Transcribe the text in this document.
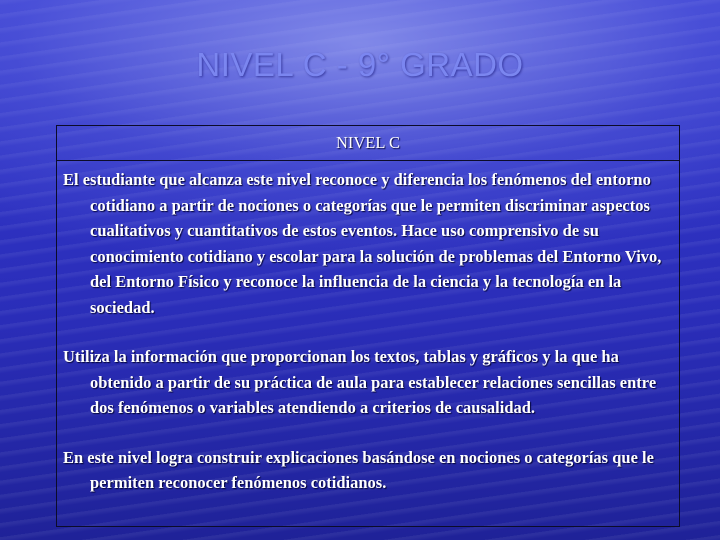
NIVEL C - 9° GRADO
NIVEL C

El estudiante que alcanza este nivel reconoce y diferencia los fenómenos del entorno cotidiano a partir de nociones o categorías que le permiten discriminar aspectos cualitativos y cuantitativos de estos eventos. Hace uso comprensivo de su conocimiento cotidiano y escolar para la solución de problemas del Entorno Vivo, del Entorno Físico y reconoce la influencia de la ciencia y la tecnología en la sociedad.

Utiliza la información que proporcionan los textos, tablas y gráficos y la que ha obtenido a partir de su práctica de aula para establecer relaciones sencillas entre dos fenómenos o variables atendiendo a criterios de causalidad.

En este nivel logra construir explicaciones basándose en nociones o categorías que le permiten reconocer fenómenos cotidianos.
